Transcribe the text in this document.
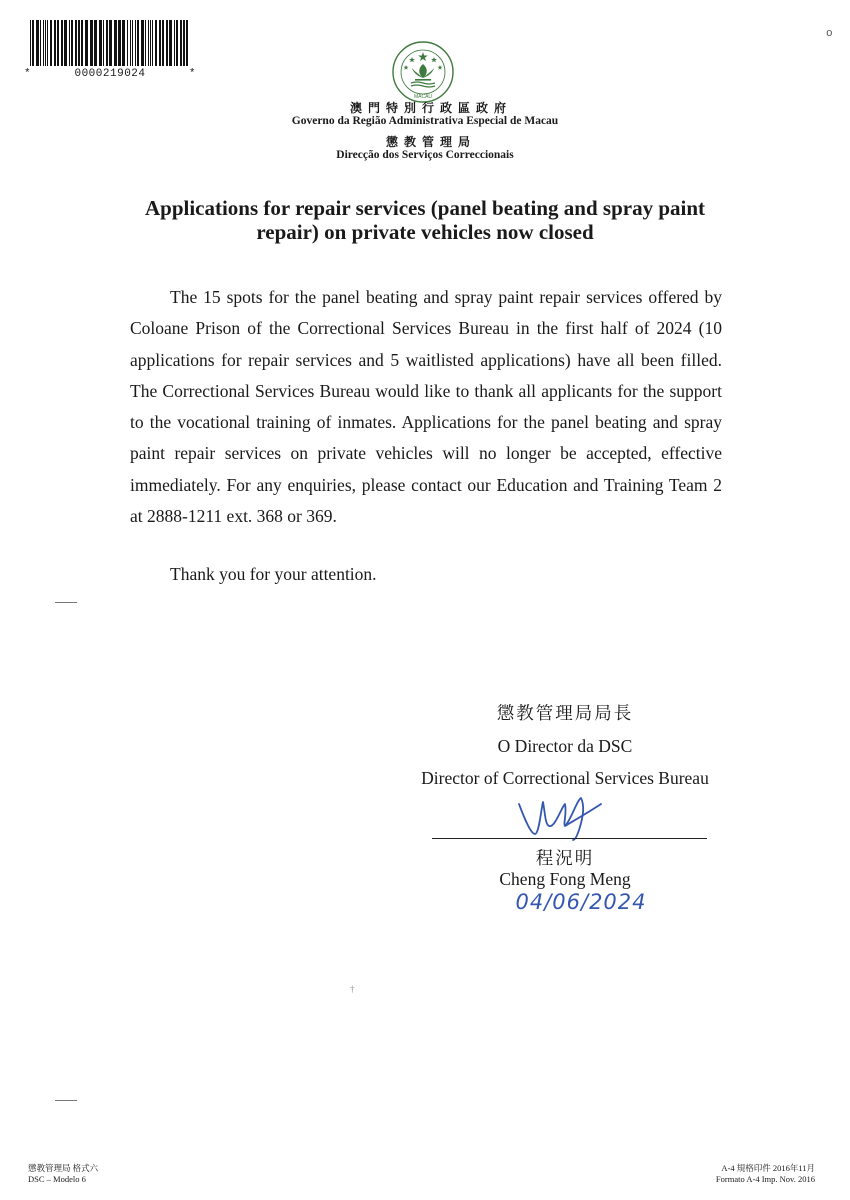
*	0000219024	*
o
MACAU
澳門特別行政區政府
Governo da Região Administrativa Especial de Macau
懲教管理局
Direcção dos Serviços Correccionais
Applications for repair services (panel beating and spray paint repair) on private vehicles now closed

The 15 spots for the panel beating and spray paint repair services offered by Coloane Prison of the Correctional Services Bureau in the first half of 2024 (10 applications for repair services and 5 waitlisted applications) have all been filled. The Correctional Services Bureau would like to thank all applicants for the support to the vocational training of inmates. Applications for the panel beating and spray paint repair services on private vehicles will no longer be accepted, effective immediately. For any enquiries, please contact our Education and Training Team 2 at 2888-1211 ext. 368 or 369.

Thank you for your attention.
懲教管理局局長
O Director da DSC
Director of Correctional Services Bureau
程況明
Cheng Fong Meng
04/06/2024
†
懲教管理局 格式六
DSC – Modelo 6
A-4 規格印件 2016年11月
Formato A-4 Imp. Nov. 2016
